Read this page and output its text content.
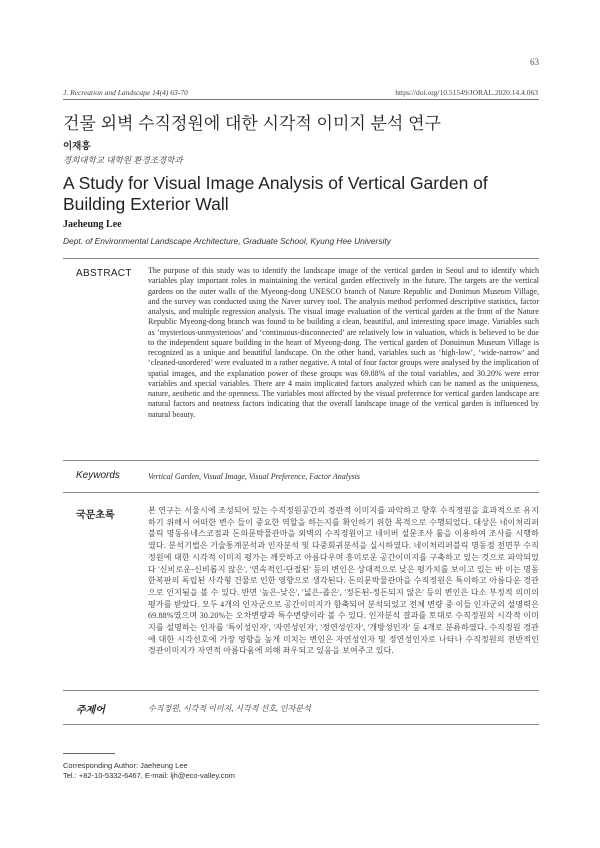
63
J. Recreation and Landscape 14(4) 63-70	https://doi.org/10.51549/JORAL.2020.14.4.063
건물 외벽 수직정원에 대한 시각적 이미지 분석 연구
이재흥
경희대학교 대학원 환경조경학과
A Study for Visual Image Analysis of Vertical Garden of Building Exterior Wall
Jaeheung Lee
Dept. of Environmental Landscape Architecture, Graduate School, Kyung Hee University
ABSTRACT The purpose of this study was to identify the landscape image of the vertical garden in Seoul and to identify which variables play important roles in maintaining the vertical garden effectively in the future. The targets are the vertical gardens on the outer walls of the Myeong-dong UNESCO branch of Nature Republic and Donimun Museum Village, and the survey was conducted using the Naver survey tool. The analysis method performed descriptive statistics, factor analysis, and multiple regression analysis. The visual image evaluation of the vertical garden at the front of the Nature Republic Myeong-dong branch was found to be building a clean, beautiful, and interesting space image. Variables such as ‘mysterious-unmysterious’ and ‘continuous-disconnected’ are relatively low in valuation, which is believed to be due to the independent square building in the heart of Myeong-dong. The vertical garden of Donuimun Museum Village is recognized as a unique and beautiful landscape. On the other hand, variables such as ‘high-low’, ‘wide-narrow’ and ‘cleaned-unordered’ were evaluated in a rather negative. A total of four factor groups were analysed by the implication of spatial images, and the explanation power of these groups was 69.88% of the total variables, and 30.20% were error variables and special variables. There are 4 main implicated factors analyzed which can be named as the uniqueness, nature, aesthetic and the openness. The variables most affected by the visual preference for vertical garden landscape are natural factors and neatness factors indicating that the overall landscape image of the vertical garden is influenced by natural beauty.
Keywords	Vertical Garden, Visual Image, Visual Preference, Factor Analysis
국문초록	본 연구는 서울시에 조성되어 있는 수직정원공간의 경관적 이미지를 파악하고 향후 수직정원을 효과적으로 유지하기 위해서 어떠한 변수 들이 중요한 역할을 하는지를 확인하기 위한 목적으로 수행되었다. 대상은 네이처리퍼블릭 명동유네스코점과 돈의문박물관마을 외벽의 수직정원이고 네이버 설문조사 툴을 이용하여 조사를 시행하였다. 분석기법은 기술통계분석과 인자분석 및 다중회귀분석을 실시하였다. 네이처리퍼블릭 명동점 전면부 수직정원에 대한 시각적 이미지 평가는 깨끗하고 아름다우며 흥미로운 공간이미지를 구축하고 있는 것으로 파악되었다 '신비로운-신비롭지 않은', '연속적인-단절된' 등의 변인은 상대적으로 낮은 평가치를 보이고 있는 바 이는 명동 한복판의 독립된 사각형 건물로 인한 영향으로 생각된다. 돈의문박물관마을 수직정원은 특이하고 아름다운 경관으로 인지됨을 볼 수 있다. 반면 '높은-낮은', '넓은-좁은', '정돈된-정돈되지 않은' 등의 변인은 다소 부정적 의미의 평가를 받았다. 모두 4개의 인자군으로 공간이미지가 함축되어 분석되었고 전체 변량 중 이들 인자군의 설명력은 69.88%였으며 30.20%는 오차변량과 특수변량이라 볼 수 있다. 인자분석 결과를 토대로 수직정원의 시각적 이미지를 설명하는 인자를 '특이성인자', '자연성인자', '정연성인자', '개방성인자' 등 4개로 분류하였다. 수직정원 경관에 대한 시각선호에 가장 영향을 높게 미치는 변인은 자연성인자 및 정연성인자로 나타나 수직정원의 전반적인 경관이미지가 자연적 아름다움에 의해 좌우되고 있음을 보여주고 있다.
주제어	수직정원, 시각적 이미지, 시각적 선호, 인자분석
Corresponding Author: Jaeheung Lee
Tel.: +82-10-5332-6467, E-mail: ljh@eco-valley.com
